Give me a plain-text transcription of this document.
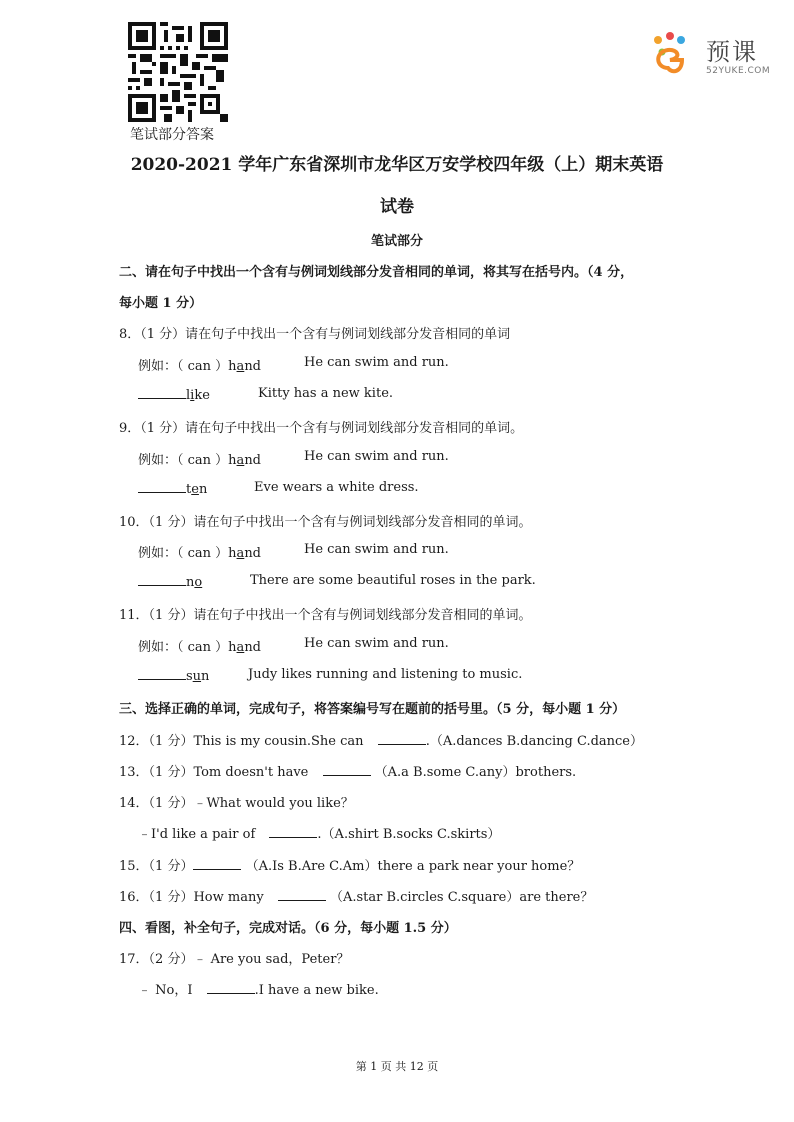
笔试部分答案
预课
52YUKE.COM
2020-2021 学年广东省深圳市龙华区万安学校四年级（上）期末英语
试卷
笔试部分
二、请在句子中找出一个含有与例词划线部分发音相同的单词，将其写在括号内。（4 分，
每小题 1 分）
8．（1 分）请在句子中找出一个含有与例词划线部分发音相同的单词
例如：（ can ）hand	He can swim and run.
like	Kitty has a new kite.
9．（1 分）请在句子中找出一个含有与例词划线部分发音相同的单词。
例如：（ can ）hand	He can swim and run.
ten	Eve wears a white dress.
10．（1 分）请在句子中找出一个含有与例词划线部分发音相同的单词。
例如：（ can ）hand	He can swim and run.
no	There are some beautiful roses in the park.
11．（1 分）请在句子中找出一个含有与例词划线部分发音相同的单词。
例如：（ can ）hand	He can swim and run.
sun	Judy likes running and listening to music.
三、选择正确的单词，完成句子，将答案编号写在题前的括号里。（5 分，每小题 1 分）
12．（1 分）This is my cousin.She can	.（A.dances B.dancing C.dance）
13．（1 分）Tom doesn't have	（A.a B.some C.any）brothers.
14．（1 分）﹣What would you like？
﹣I'd like a pair of	.（A.shirt B.socks C.skirts）
15．（1 分）	（A.Is B.Are C.Am）there a park near your home？
16．（1 分）How many	（A.star B.circles C.square）are there？
四、看图，补全句子，完成对话。（6 分，每小题 1.5 分）
17．（2 分）﹣ Are you sad，Peter？
﹣ No，I	.I have a new bike.
第 1 页 共 12 页
